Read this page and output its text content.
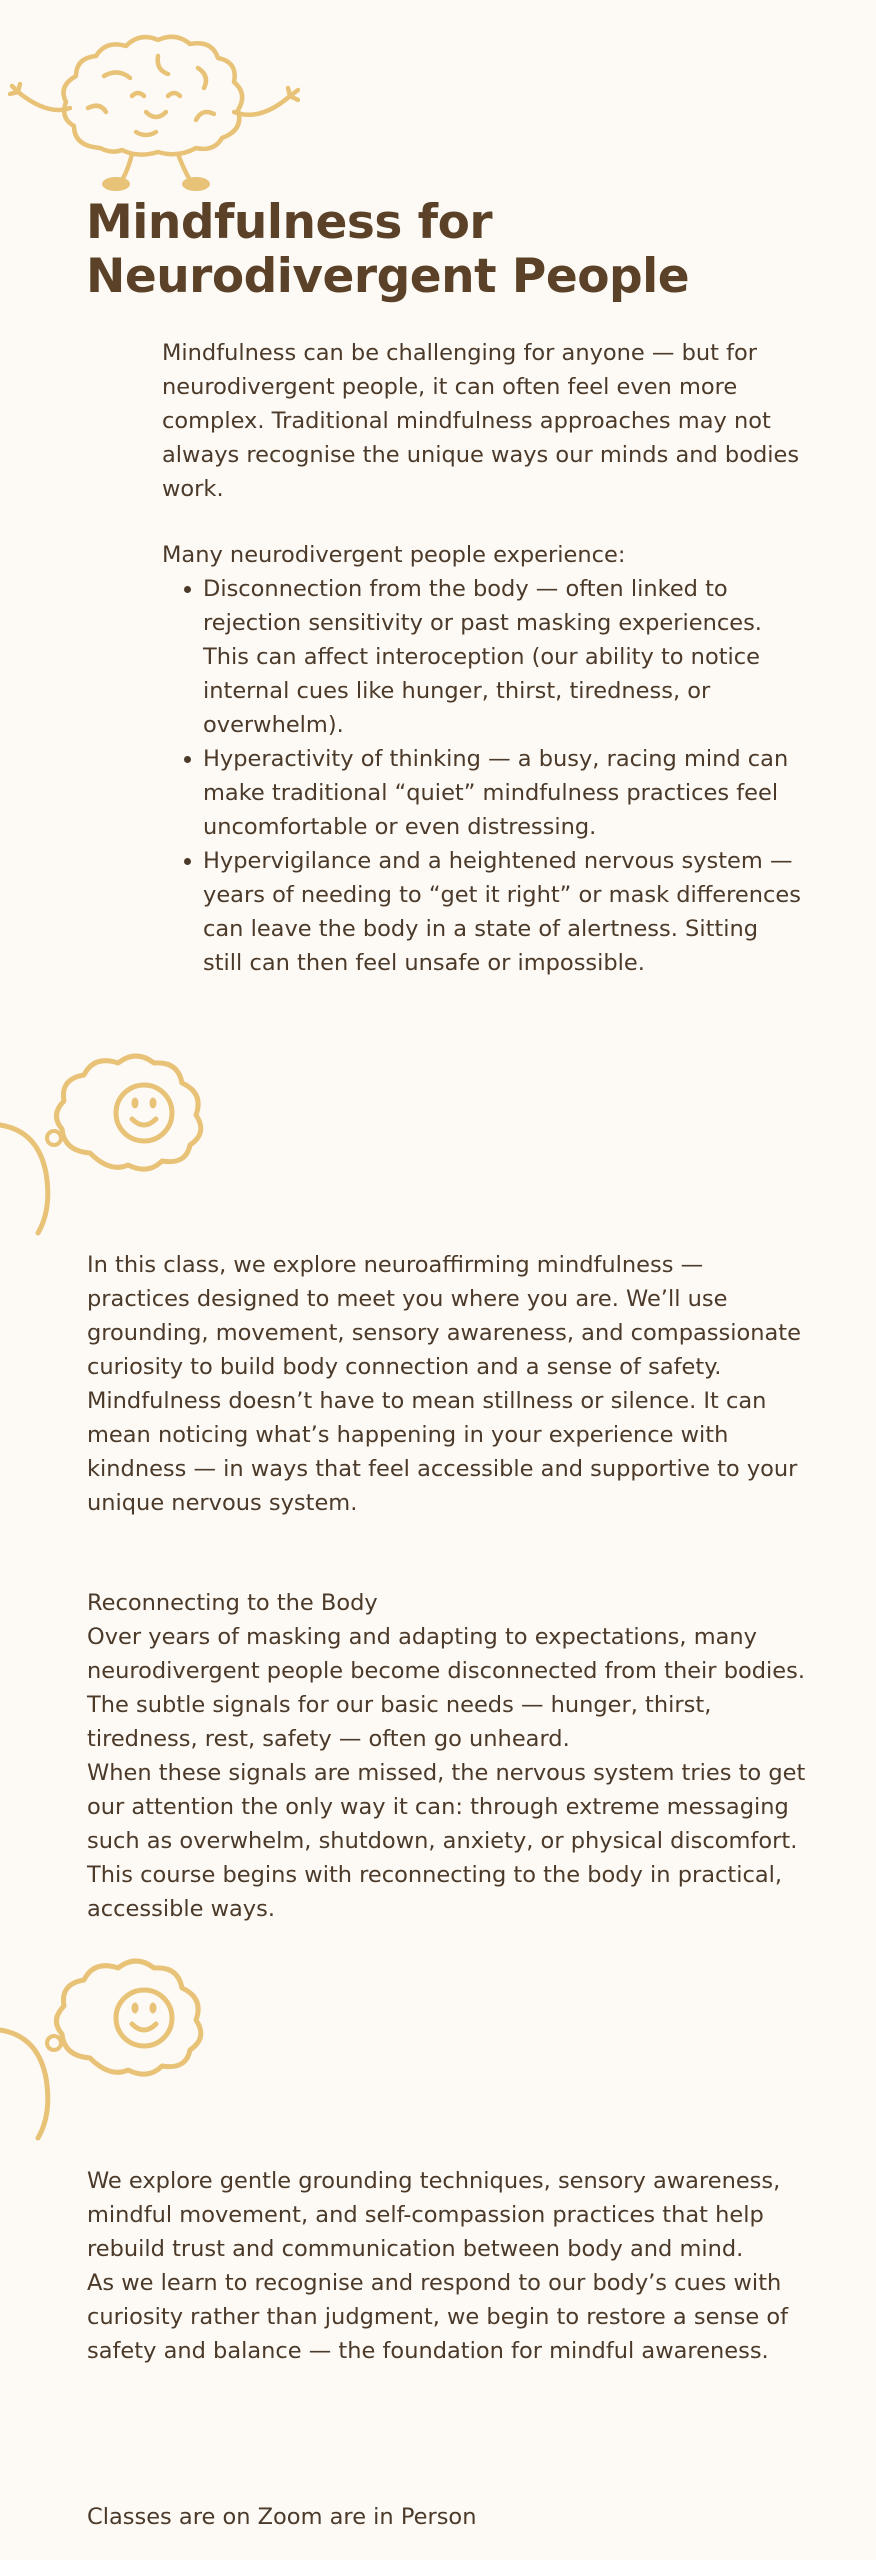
Mindfulness for
Neurodivergent People

Mindfulness can be challenging for anyone — but for neurodivergent people, it can often feel even more complex. Traditional mindfulness approaches may not always recognise the unique ways our minds and bodies work.

Many neurodivergent people experience:

Disconnection from the body — often linked to rejection sensitivity or past masking experiences. This can affect interoception (our ability to notice internal cues like hunger, thirst, tiredness, or overwhelm).
Hyperactivity of thinking — a busy, racing mind can make traditional “quiet” mindfulness practices feel uncomfortable or even distressing.
Hypervigilance and a heightened nervous system — years of needing to “get it right” or mask differences can leave the body in a state of alertness. Sitting still can then feel unsafe or impossible.

In this class, we explore neuroaffirming mindfulness — practices designed to meet you where you are. We’ll use grounding, movement, sensory awareness, and compassionate curiosity to build body connection and a sense of safety.

Mindfulness doesn’t have to mean stillness or silence. It can mean noticing what’s happening in your experience with kindness — in ways that feel accessible and supportive to your unique nervous system.

Reconnecting to the Body

Over years of masking and adapting to expectations, many neurodivergent people become disconnected from their bodies. The subtle signals for our basic needs — hunger, thirst, tiredness, rest, safety — often go unheard.

When these signals are missed, the nervous system tries to get our attention the only way it can: through extreme messaging such as overwhelm, shutdown, anxiety, or physical discomfort.

This course begins with reconnecting to the body in practical, accessible ways.

We explore gentle grounding techniques, sensory awareness, mindful movement, and self-compassion practices that help rebuild trust and communication between body and mind.

As we learn to recognise and respond to our body’s cues with curiosity rather than judgment, we begin to restore a sense of safety and balance — the foundation for mindful awareness.

Classes are on Zoom are in Person
